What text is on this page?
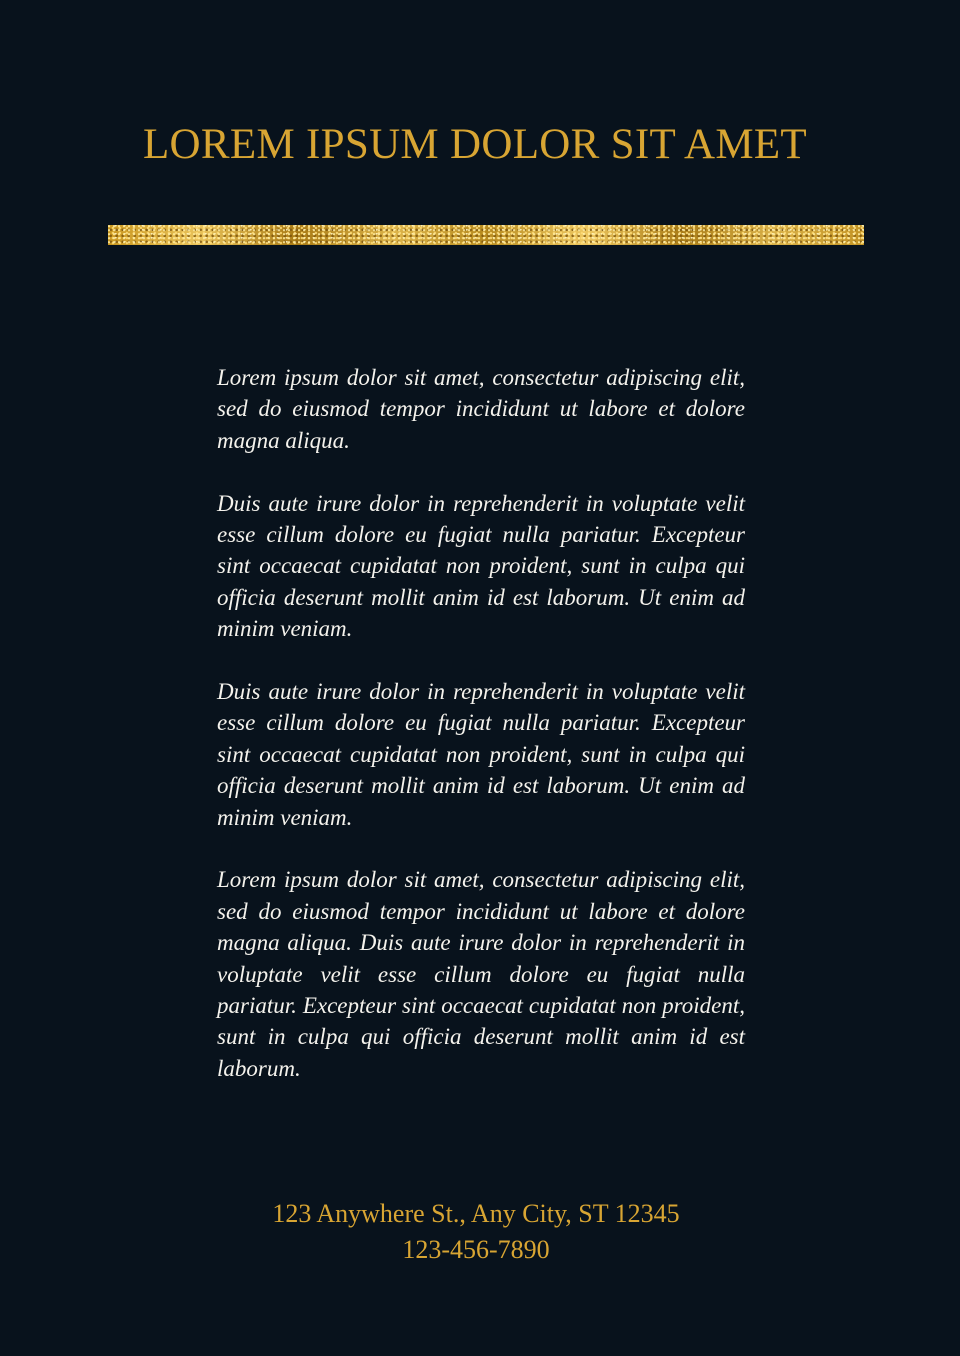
LOREM IPSUM DOLOR SIT AMET

Lorem ipsum dolor sit amet, consectetur adipiscing elit, sed do eiusmod tempor incididunt ut labore et dolore magna aliqua.

Duis aute irure dolor in reprehenderit in voluptate velit esse cillum dolore eu fugiat nulla pariatur. Excepteur sint occaecat cupidatat non proident, sunt in culpa qui officia deserunt mollit anim id est laborum. Ut enim ad minim veniam.

Duis aute irure dolor in reprehenderit in voluptate velit esse cillum dolore eu fugiat nulla pariatur. Excepteur sint occaecat cupidatat non proident, sunt in culpa qui officia deserunt mollit anim id est laborum. Ut enim ad minim veniam.

Lorem ipsum dolor sit amet, consectetur adipiscing elit, sed do eiusmod tempor incididunt ut labore et dolore magna aliqua. Duis aute irure dolor in reprehenderit in voluptate velit esse cillum dolore eu fugiat nulla pariatur. Excepteur sint occaecat cupidatat non proident, sunt in culpa qui officia deserunt mollit anim id est laborum.

123 Anywhere St., Any City, ST 12345
123-456-7890
